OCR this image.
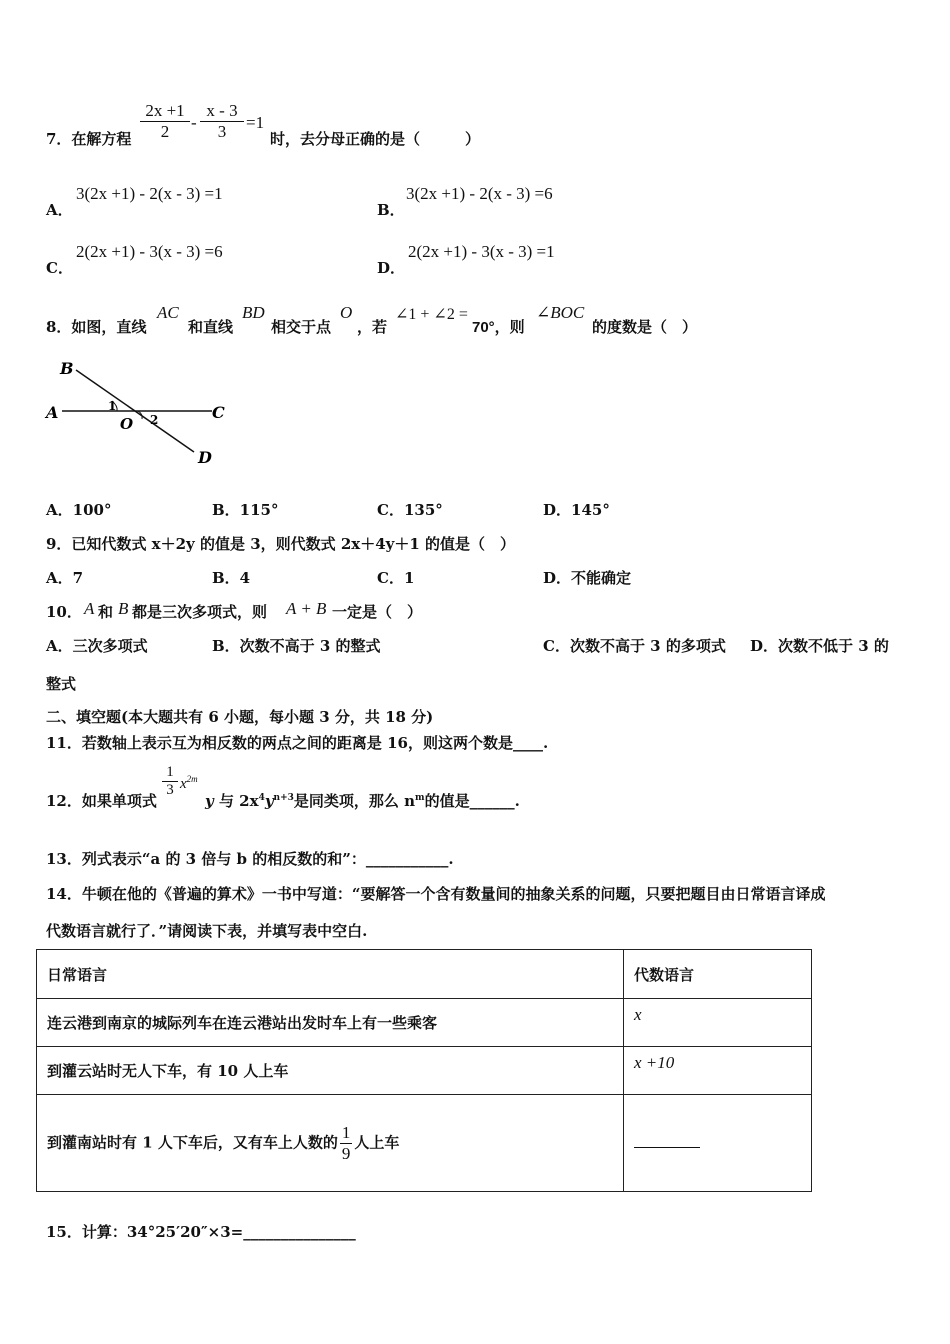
7．在解方程 $\frac{2x +1}{2} - \frac{x - 3}{3} =1$
时，去分母正确的是（　　　）
A．
3(2x +1) - 2(x - 3) =1
B．
3(2x +1) - 2(x - 3) =6
C．
2(2x +1) - 3(x - 3) =6
D．
2(2x +1) - 3(x - 3) =1
8．如图，直线
AC
和直线
BD
相交于点
O
，若
∠1 + ∠2 =
70°，则
∠BOC
的度数是（　）
B
A	C
O
D
1
2
A．100°	B．115°	C．135°	D．145°
9．已知代数式 x＋2y 的值是 3，则代数式 2x＋4y＋1 的值是（　）
A．7	B．4	C．1	D．不能确定
10． A 和 B 都是三次多项式，则 A + B 一定是（　）
A．三次多项式	B．次数不高于 3 的整式	C．次数不高于 3 的多项式 D．次数不低于 3 的
整式
二、填空题(本大题共有 6 小题，每小题 3 分，共 18 分)
11．若数轴上表示互为相反数的两点之间的距离是 16，则这两个数是____.
12．如果单项式
$\frac{1}{3} x^{2m}$
y 与 $2x^4y^{n+3}$是同类项，那么 $n^m$的值是______.
13．列式表示“a 的 3 倍与 b 的相反数的和”：___________.
14．牛顿在他的《普遍的算术》一书中写道：“要解答一个含有数量间的抽象关系的问题，只要把题目由日常语言译成
代数语言就行了．”请阅读下表，并填写表中空白.
日常语言	代数语言
连云港到南京的城际列车在连云港站出发时车上有一些乘客	x
到灌云站时无人下车，有 10 人上车	x +10
到灌南站时有 1 人下车后，又有车上人数的 $\frac{1}{9}$ 人上车	
15．计算：34°25′20″×3=_______________
